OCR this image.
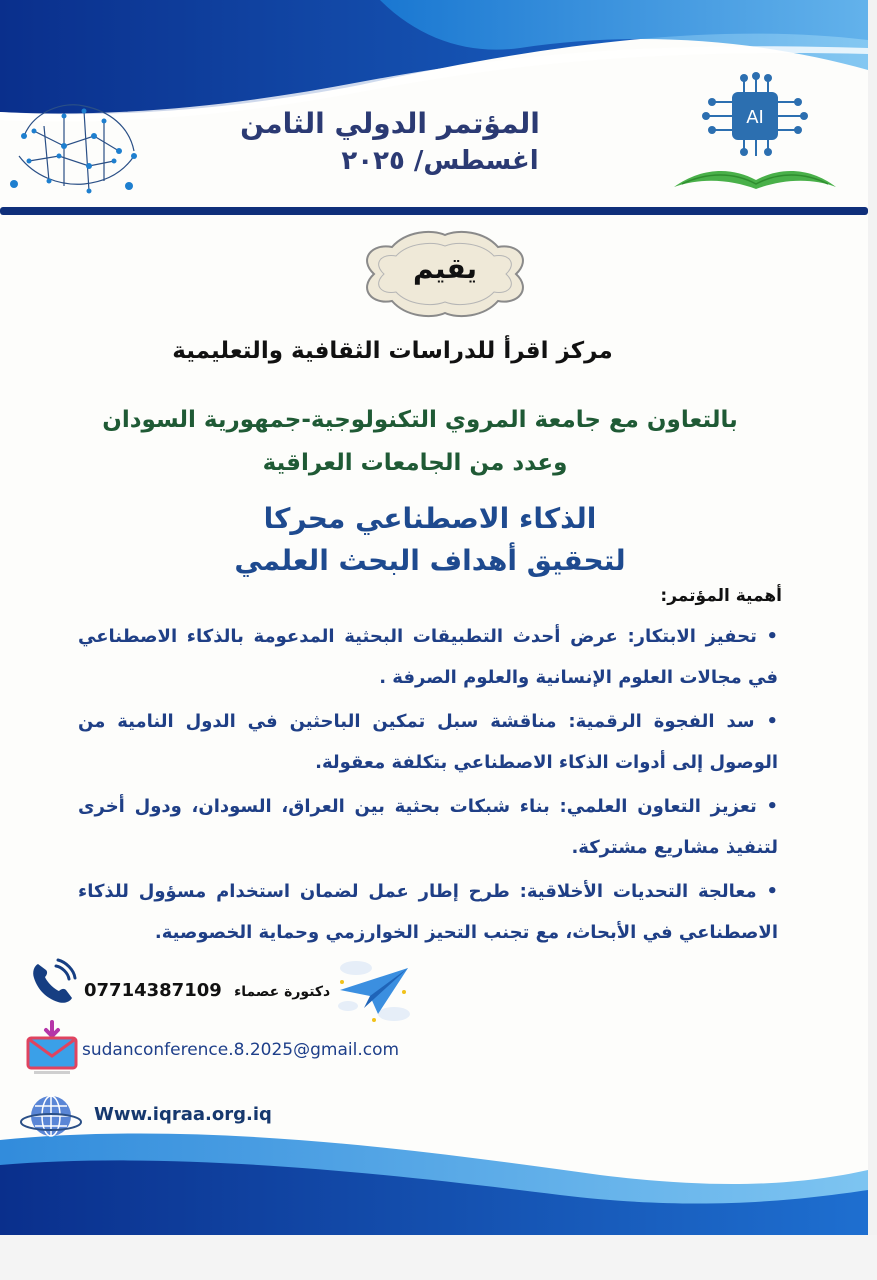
AI
المؤتمر الدولي الثامن
اغسطس/ ٢٠٢٥
يقيم
مركز اقرأ للدراسات الثقافية والتعليمية
بالتعاون مع جامعة المروي التكنولوجية-جمهورية السودان
وعدد من الجامعات العراقية
الذكاء الاصطناعي محركا
لتحقيق أهداف البحث العلمي
أهمية المؤتمر:

• تحفيز الابتكار: عرض أحدث التطبيقات البحثية المدعومة بالذكاء الاصطناعي في مجالات العلوم الإنسانية والعلوم الصرفة .

• سد الفجوة الرقمية: مناقشة سبل تمكين الباحثين في الدول النامية من الوصول إلى أدوات الذكاء الاصطناعي بتكلفة معقولة.

• تعزيز التعاون العلمي: بناء شبكات بحثية بين العراق، السودان، ودول أخرى لتنفيذ مشاريع مشتركة.

• معالجة التحديات الأخلاقية: طرح إطار عمل لضمان استخدام مسؤول للذكاء الاصطناعي في الأبحاث، مع تجنب التحيز الخوارزمي وحماية الخصوصية.

07714387109 دكتورة عصماء
sudanconference.8.2025@gmail.com
Www.iqraa.org.iq
